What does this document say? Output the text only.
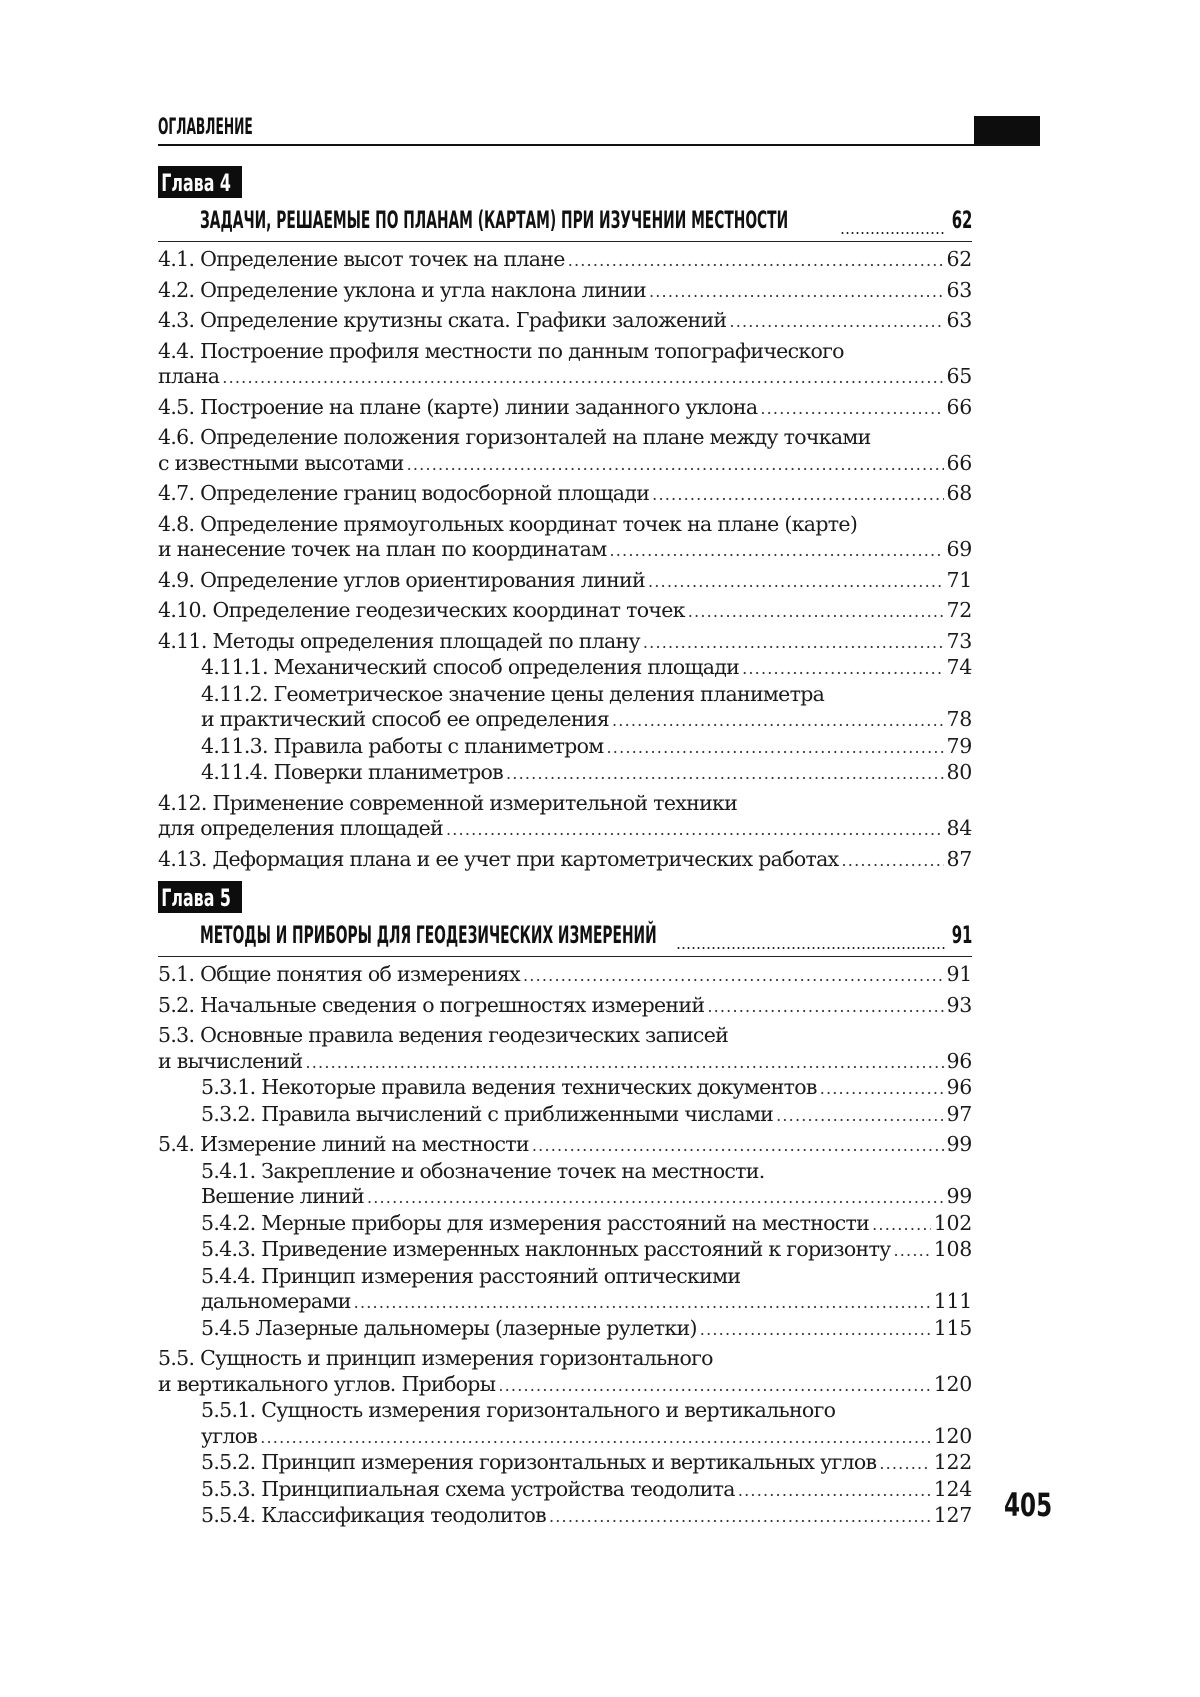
ОГЛАВЛЕНИЕ
Глава 4
ЗАДАЧИ, РЕШАЕМЫЕ ПО ПЛАНАМ (КАРТАМ) ПРИ ИЗУЧЕНИИ МЕСТНОСТИ	62
4.1. Определение высот точек на плане .....	62
4.2. Определение уклона и угла наклона линии .....	63
4.3. Определение крутизны ската. Графики заложений .....	63
4.4. Построение профиля местности по данным топографического
плана .....	65
4.5. Построение на плане (карте) линии заданного уклона .....	66
4.6. Определение положения горизонталей на плане между точками
с известными высотами .....	66
4.7. Определение границ водосборной площади .....	68
4.8. Определение прямоугольных координат точек на плане (карте)
и нанесение точек на план по координатам .....	69
4.9. Определение углов ориентирования линий .....	71
4.10. Определение геодезических координат точек .....	72
4.11. Методы определения площадей по плану .....	73
4.11.1. Механический способ определения площади .....	74
4.11.2. Геометрическое значение цены деления планиметра
и практический способ ее определения .....	78
4.11.3. Правила работы с планиметром .....	79
4.11.4. Поверки планиметров .....	80
4.12. Применение современной измерительной техники
для определения площадей .....	84
4.13. Деформация плана и ее учет при картометрических работах .....	87
Глава 5
МЕТОДЫ И ПРИБОРЫ ДЛЯ ГЕОДЕЗИЧЕСКИХ ИЗМЕРЕНИЙ	91
5.1. Общие понятия об измерениях .....	91
5.2. Начальные сведения о погрешностях измерений .....	93
5.3. Основные правила ведения геодезических записей
и вычислений .....	96
5.3.1. Некоторые правила ведения технических документов .....	96
5.3.2. Правила вычислений с приближенными числами .....	97
5.4. Измерение линий на местности .....	99
5.4.1. Закрепление и обозначение точек на местности.
Вешение линий .....	99
5.4.2. Мерные приборы для измерения расстояний на местности .....	102
5.4.3. Приведение измеренных наклонных расстояний к горизонту ..... 108
5.4.4. Принцип измерения расстояний оптическими
дальномерами .....	111
5.4.5 Лазерные дальномеры (лазерные рулетки) .....	115
5.5. Сущность и принцип измерения горизонтального
и вертикального углов. Приборы .....	120
5.5.1. Сущность измерения горизонтального и вертикального
углов .....	120
5.5.2. Принцип измерения горизонтальных и вертикальных углов .....	122
5.5.3. Принципиальная схема устройства теодолита .....	124
5.5.4. Классификация теодолитов .....	127 405
